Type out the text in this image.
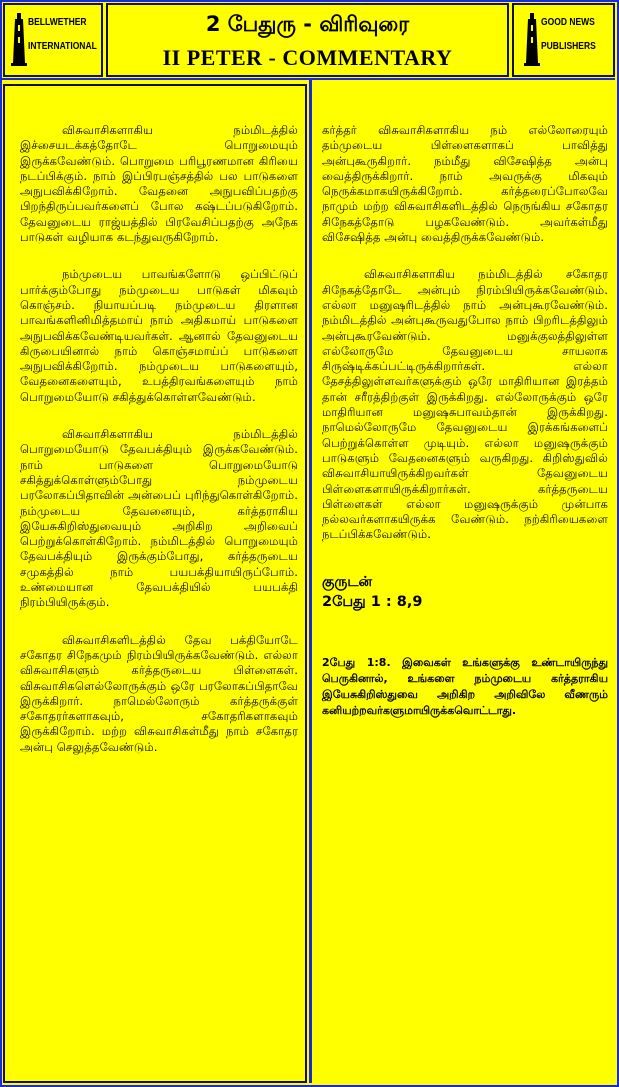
BELLWETHER
INTERNATIONAL
2 பேதுரு - விரிவுரை
II PETER - COMMENTARY
GOOD NEWS
PUBLISHERS

விசுவாசிகளாகிய நம்மிடத்தில் இச்சையடக்கத்தோடே பொறுமையும் இருக்கவேண்டும். பொறுமை பரிபூரணமான கிரியை நடப்பிக்கும். நாம் இப்பிரபஞ்சத்தில் பல பாடுகளை அநுபவிக்கிறோம். வேதனை அநுபவிப்பதற்கு பிறந்திருப்பவர்களைப் போல கஷ்டப்படுகிறோம். தேவனுடைய ராஜ்யத்தில் பிரவேசிப்பதற்கு அநேக பாடுகள் வழியாக கடந்துவருகிறோம்.

நம்முடைய பாவங்களோடு ஒப்பிட்டுப் பார்க்கும்போது நம்முடைய பாடுகள் மிகவும் கொஞ்சம். நியாயப்படி நம்முடைய திரளான பாவங்களினிமித்தமாய் நாம் அதிகமாய் பாடுகளை அநுபவிக்கவேண்டியவர்கள். ஆனால் தேவனுடைய கிருபையினால் நாம் கொஞ்சமாய்ப் பாடுகளை அநுபவிக்கிறோம். நம்முடைய பாடுகளையும், வேதனைகளையும், உபத்திரவங்களையும் நாம் பொறுமையோடு சகித்துக்கொள்ளவேண்டும்.

விசுவாசிகளாகிய நம்மிடத்தில் பொறுமையோடு தேவபக்தியும் இருக்கவேண்டும். நாம் பாடுகளை பொறுமையோடு சகித்துக்கொள்ளும்போது நம்முடைய பரலோகப்பிதாவின் அன்பைப் புரிந்துகொள்கிறோம். நம்முடைய தேவனையும், கர்த்தராகிய இயேசுகிறிஸ்துவையும் அறிகிற அறிவைப் பெற்றுக்கொள்கிறோம். நம்மிடத்தில் பொறுமையும் தேவபக்தியும் இருக்கும்போது, கர்த்தருடைய சமுகத்தில் நாம் பயபக்தியாயிருப்போம். உண்மையான தேவபக்தியில் பயபக்தி நிரம்பியிருக்கும்.

விசுவாசிகளிடத்தில் தேவ பக்தியோடே சகோதர சிநேகமும் நிரம்பியிருக்கவேண்டும். எல்லா விசுவாசிகளும் கர்த்தருடைய பிள்ளைகள். விசுவாசிகளெல்லோருக்கும் ஒரே பரலோகப்பிதாவே இருக்கிறார். நாமெல்லோரும் கர்த்தருக்குள் சகோதரர்களாகவும், சகோதரிகளாகவும் இருக்கிறோம். மற்ற விசுவாசிகள்மீது நாம் சகோதர அன்பு செலுத்தவேண்டும்.

கர்த்தர் விசுவாசிகளாகிய நம் எல்லோரையும் தம்முடைய பிள்ளைகளாகப் பாவித்து அன்புகூருகிறார். நம்மீது விசேஷித்த அன்பு வைத்திருக்கிறார். நாம் அவருக்கு மிகவும் நெருக்கமாகயிருக்கிறோம். கர்த்தரைப்போலவே நாமும் மற்ற விசுவாசிகளிடத்தில் நெருங்கிய சகோதர சிநேகத்தோடு பழகவேண்டும். அவர்கள்மீது விசேஷித்த அன்பு வைத்திருக்கவேண்டும்.

விசுவாசிகளாகிய நம்மிடத்தில் சகோதர சிநேகத்தோடே அன்பும் நிரம்பியிருக்கவேண்டும். எல்லா மனுஷரிடத்தில் நாம் அன்புகூரவேண்டும். நம்மிடத்தில் அன்புகூருவதுபோல நாம் பிறரிடத்திலும் அன்புகூரவேண்டும். மனுக்குலத்திலுள்ள எல்லோருமே தேவனுடைய சாயலாக சிருஷ்டிக்கப்பட்டிருக்கிறார்கள். எல்லா தேசத்திலுள்ளவர்களுக்கும் ஒரே மாதிரியான இரத்தம் தான் சரீரத்திற்குள் இருக்கிறது. எல்லோருக்கும் ஒரே மாதிரியான மனுஷசுபாவம்தான் இருக்கிறது. நாமெல்லோருமே தேவனுடைய இரக்கங்களைப் பெற்றுக்கொள்ள முடியும். எல்லா மனுஷருக்கும் பாடுகளும் வேதனைகளும் வருகிறது. கிறிஸ்துவில் விசுவாசியாயிருக்கிறவர்கள் தேவனுடைய பிள்ளைகளாயிருக்கிறார்கள். கர்த்தருடைய பிள்ளைகள் எல்லா மனுஷருக்கும் முன்பாக நல்லவர்களாகயிருக்க வேண்டும். நற்கிரியைகளை நடப்பிக்கவேண்டும்.

குருடன்
2பேது 1 : 8,9
2பேது 1:8. இவைகள் உங்களுக்கு உண்டாயிருந்து பெருகினால், உங்களை நம்முடைய கர்த்தராகிய இயேசுகிறிஸ்துவை அறிகிற அறிவிலே வீணரும் கனியற்றவர்களுமாயிருக்கவொட்டாது.
